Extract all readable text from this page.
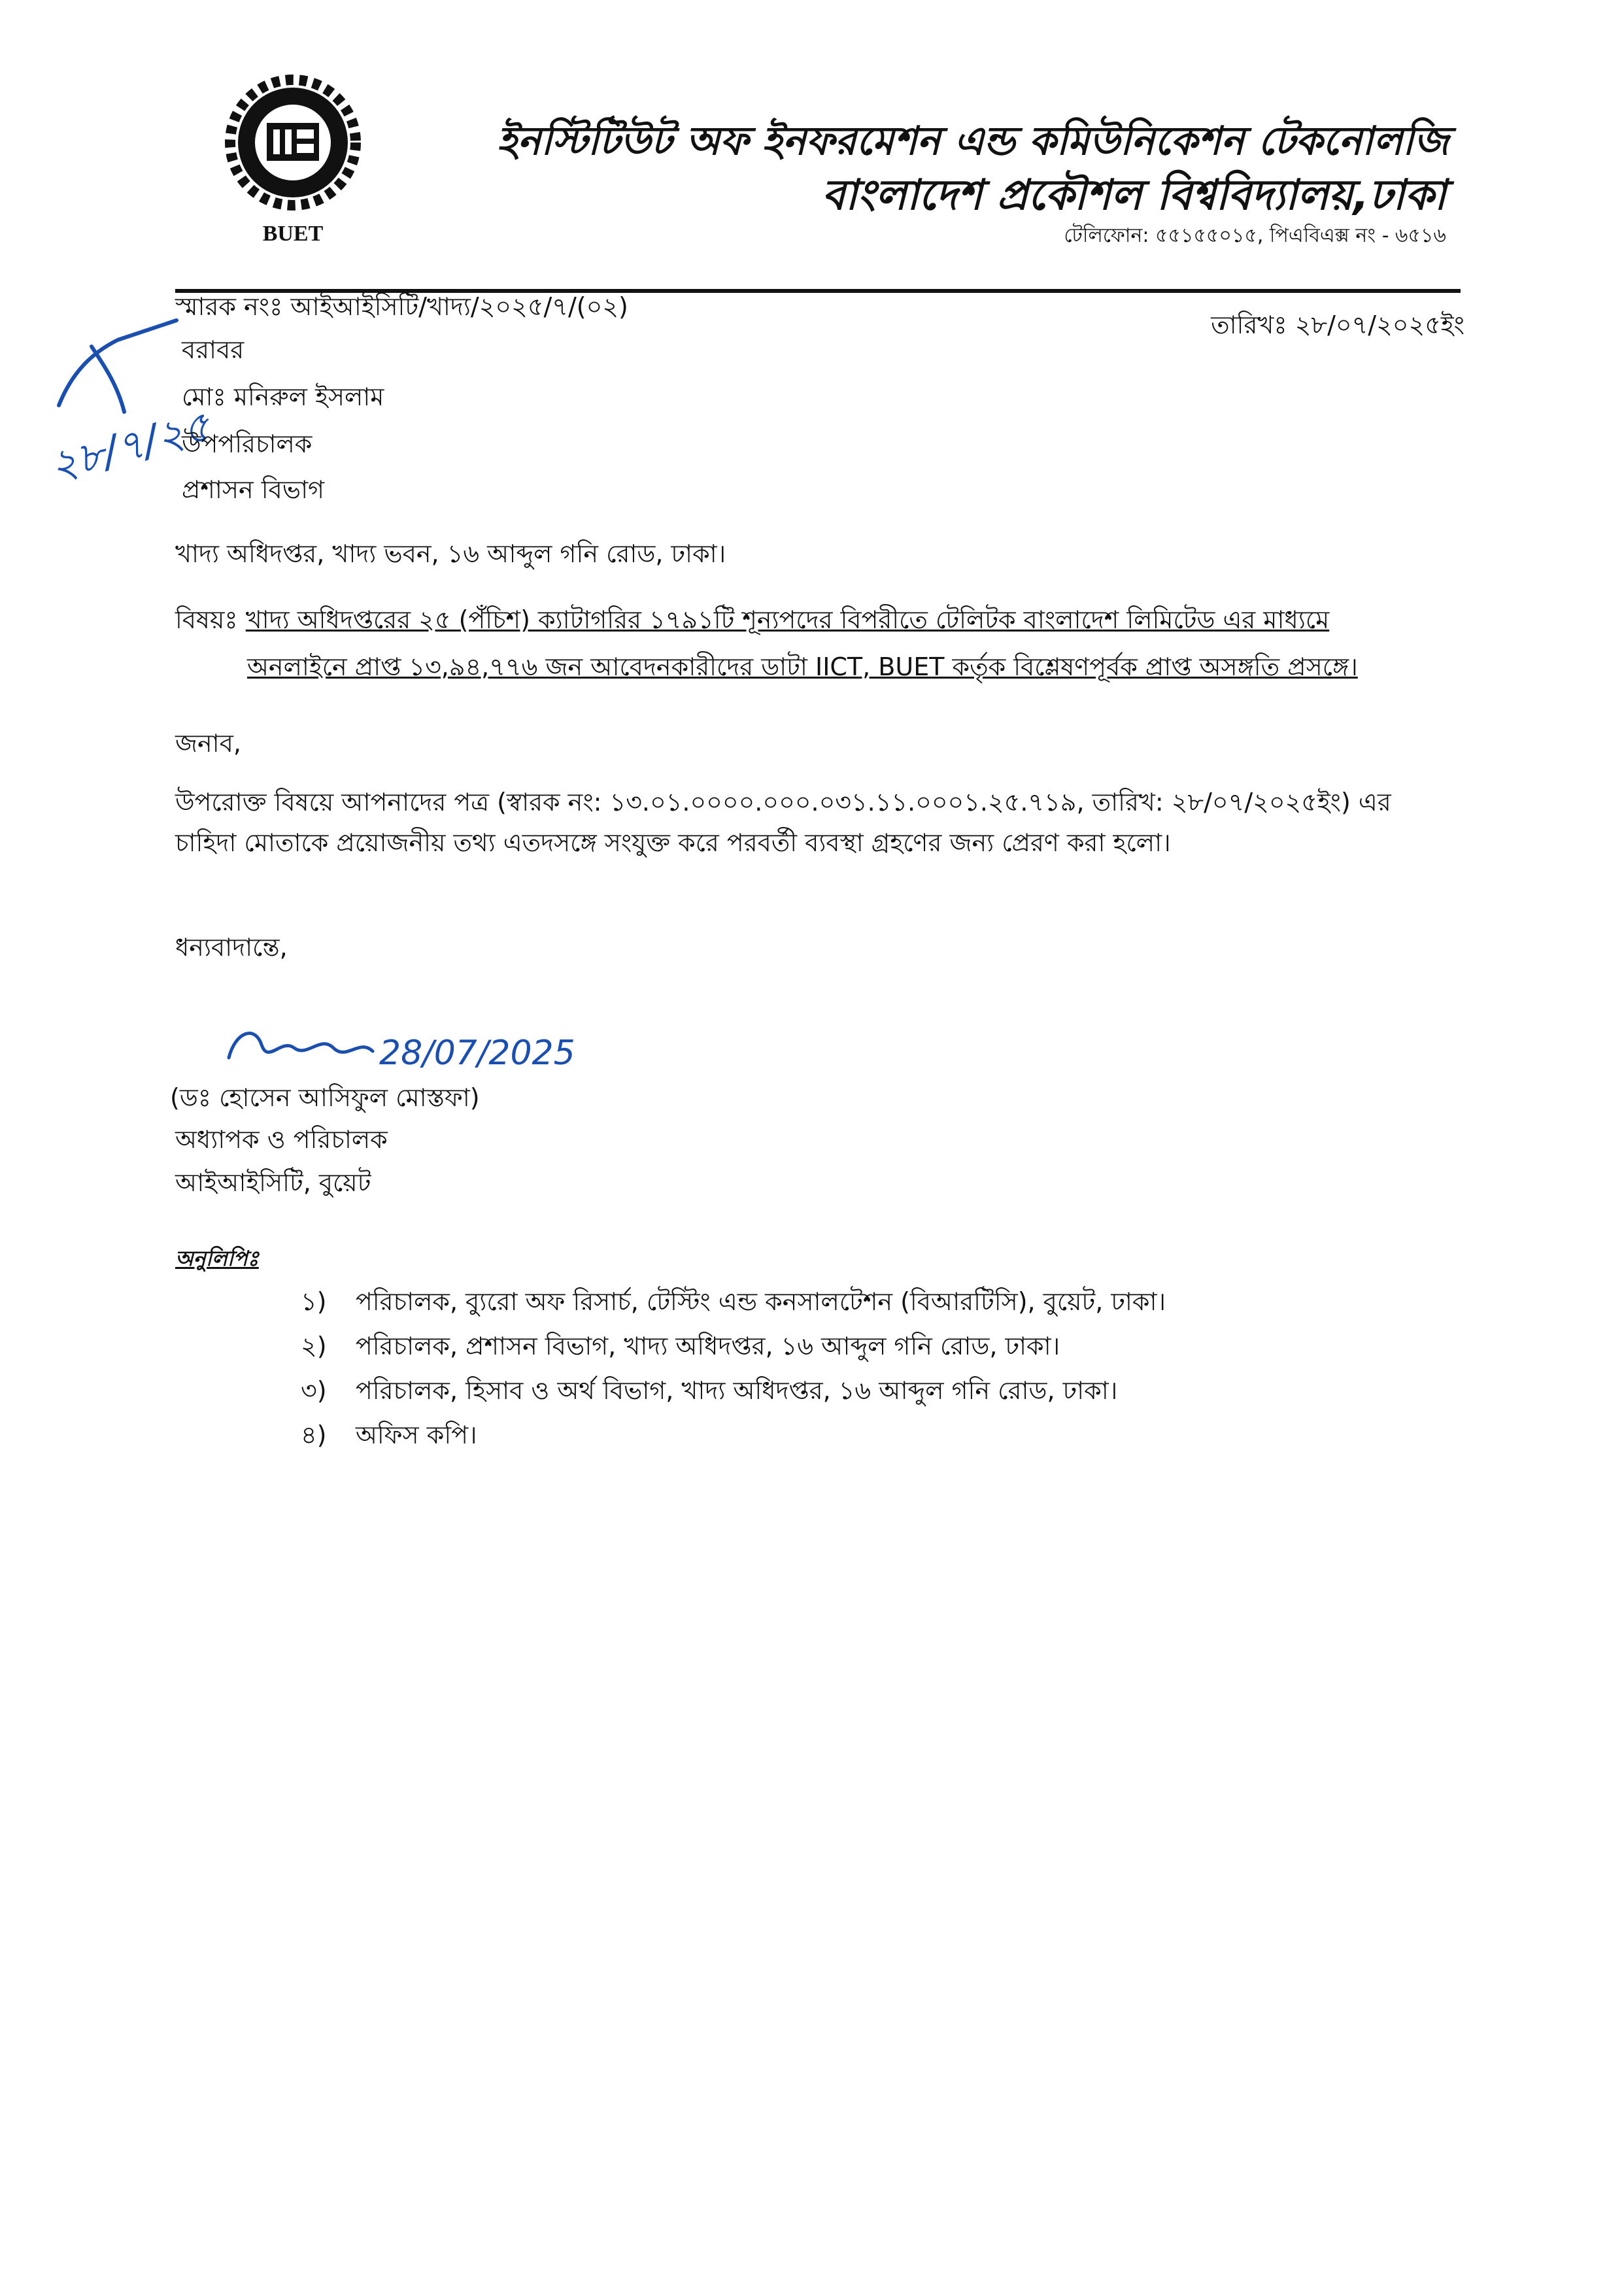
BUET
ইনস্টিটিউট অফ ইনফরমেশন এন্ড কমিউনিকেশন টেকনোলজি
বাংলাদেশ প্রকৌশল বিশ্ববিদ্যালয়,ঢাকা
টেলিফোন: ৫৫১৫৫০১৫, পিএবিএক্স নং - ৬৫১৬
স্মারক নংঃ আইআইসিটি/খাদ্য/২০২৫/৭/(০২)
তারিখঃ ২৮/০৭/২০২৫ইং
২৮/৭/২৫
বরাবর
মোঃ মনিরুল ইসলাম
উপপরিচালক
প্রশাসন বিভাগ
খাদ্য অধিদপ্তর, খাদ্য ভবন, ১৬ আব্দুল গনি রোড, ঢাকা।
বিষয়ঃ খাদ্য অধিদপ্তরের ২৫ (পঁচিশ) ক্যাটাগরির ১৭৯১টি শূন্যপদের বিপরীতে টেলিটক বাংলাদেশ লিমিটেড এর মাধ্যমে
অনলাইনে প্রাপ্ত ১৩,৯৪,৭৭৬ জন আবেদনকারীদের ডাটা IICT, BUET কর্তৃক বিশ্লেষণপূর্বক প্রাপ্ত অসঙ্গতি প্রসঙ্গে।
জনাব,
উপরোক্ত বিষয়ে আপনাদের পত্র (স্বারক নং: ১৩.০১.০০০০.০০০.০৩১.১১.০০০১.২৫.৭১৯, তারিখ: ২৮/০৭/২০২৫ইং) এর
চাহিদা মোতাকে প্রয়োজনীয় তথ্য এতদসঙ্গে সংযুক্ত করে পরবর্তী ব্যবস্থা গ্রহণের জন্য প্রেরণ করা হলো।
ধন্যবাদান্তে,
28/07/2025
(ডঃ হোসেন আসিফুল মোস্তফা)
অধ্যাপক ও পরিচালক
আইআইসিটি, বুয়েট
অনুলিপিঃ
১) পরিচালক, ব্যুরো অফ রিসার্চ, টেস্টিং এন্ড কনসালটেশন (বিআরটিসি), বুয়েট, ঢাকা।
২) পরিচালক, প্রশাসন বিভাগ, খাদ্য অধিদপ্তর, ১৬ আব্দুল গনি রোড, ঢাকা।
৩) পরিচালক, হিসাব ও অর্থ বিভাগ, খাদ্য অধিদপ্তর, ১৬ আব্দুল গনি রোড, ঢাকা।
৪) অফিস কপি।
